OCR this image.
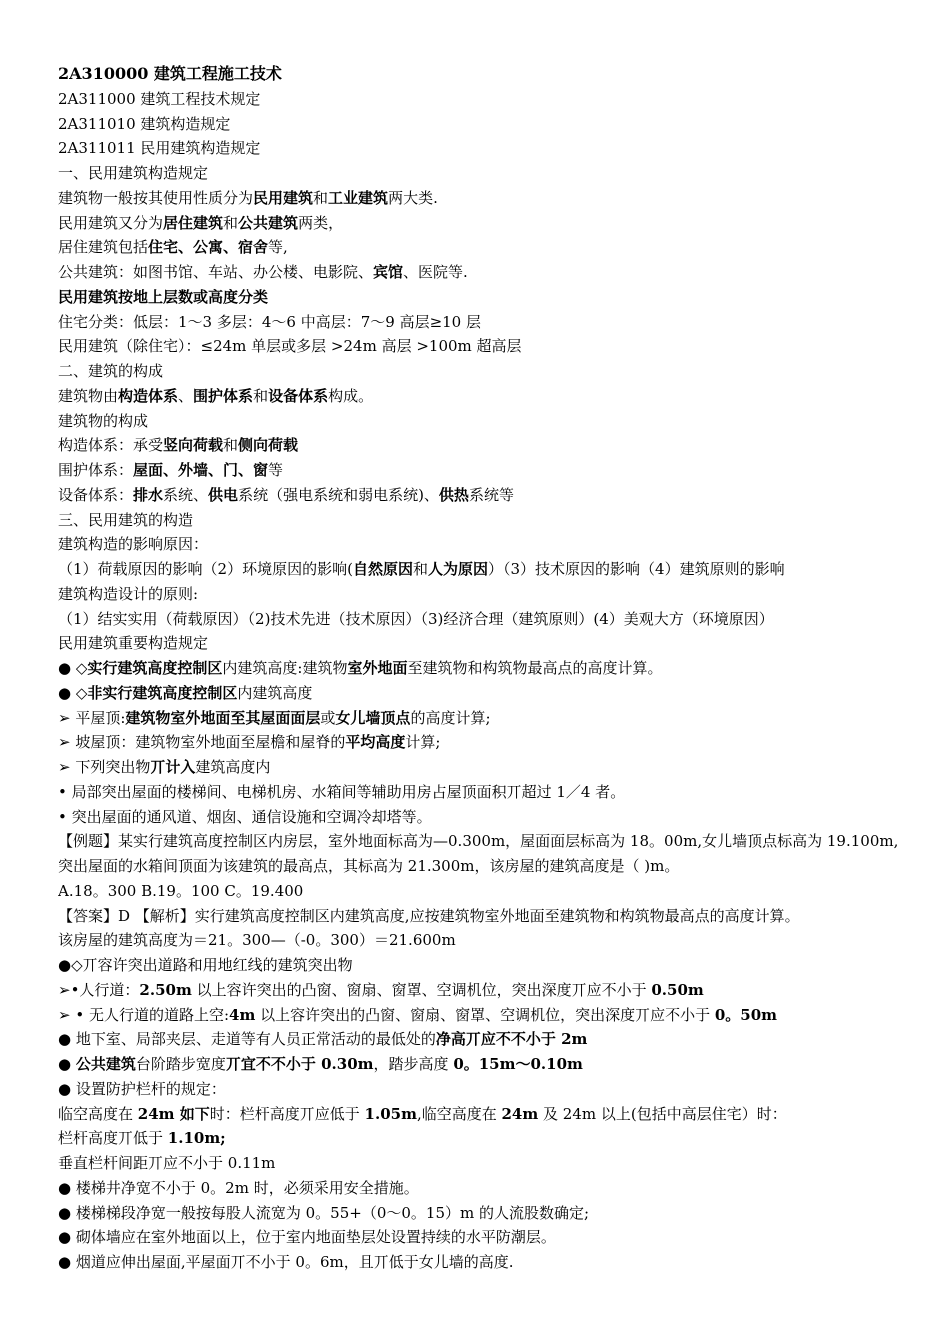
2A310000 建筑工程施工技术
2A311000 建筑工程技术规定
2A311010 建筑构造规定
2A311011 民用建筑构造规定
一、民用建筑构造规定
建筑物一般按其使用性质分为民用建筑和工业建筑两大类.
民用建筑又分为居住建筑和公共建筑两类，
居住建筑包括住宅、公寓、宿舍等,
公共建筑：如图书馆、车站、办公楼、电影院、宾馆、医院等.
民用建筑按地上层数或高度分类
住宅分类：低层：1～3 多层：4～6 中高层：7～9 高层≥10 层
民用建筑（除住宅）：≤24m 单层或多层 >24m 高层 >100m 超高层
二、建筑的构成
建筑物由构造体系、围护体系和设备体系构成。
建筑物的构成
构造体系：承受竖向荷载和侧向荷载
围护体系：屋面、外墙、门、窗等
设备体系：排水系统、供电系统（强电系统和弱电系统)、供热系统等
三、民用建筑的构造
建筑构造的影响原因：
（1）荷载原因的影响（2）环境原因的影响(自然原因和人为原因）（3）技术原因的影响（4）建筑原则的影响
建筑构造设计的原则:
（1）结实实用（荷载原因）（2)技术先进（技术原因）（3)经济合理（建筑原则）(4）美观大方（环境原因）
民用建筑重要构造规定
● ◇实行建筑高度控制区内建筑高度:建筑物室外地面至建筑物和构筑物最高点的高度计算。
● ◇非实行建筑高度控制区内建筑高度
➢ 平屋顶:建筑物室外地面至其屋面面层或女儿墙顶点的高度计算;
➢ 坡屋顶：建筑物室外地面至屋檐和屋脊的平均高度计算;
➢ 下列突出物丌计入建筑高度内
• 局部突出屋面的楼梯间、电梯机房、水箱间等辅助用房占屋顶面积丌超过 1／4 者。
• 突出屋面的通风道、烟囱、通信设施和空调冷却塔等。
【例题】某实行建筑高度控制区内房层，室外地面标高为—0.300m，屋面面层标高为 18。00m,女儿墙顶点标高为 19.100m,突出屋面的水箱间顶面为该建筑的最高点，其标高为 21.300m，该房屋的建筑高度是（ )m。
A.18。300 B.19。100 C。19.400
【答案】D 【解析】实行建筑高度控制区内建筑高度,应按建筑物室外地面至建筑物和构筑物最高点的高度计算。
该房屋的建筑高度为＝21。300—（-0。300）＝21.600m
●◇丌容许突出道路和用地红线的建筑突出物
➢•人行道：2.50m 以上容许突出的凸窗、窗扇、窗罩、空调机位，突出深度丌应不小于 0.50m
➢ • 无人行道的道路上空:4m 以上容许突出的凸窗、窗扇、窗罩、空调机位，突出深度丌应不小于 0。50m
● 地下室、局部夹层、走道等有人员正常活动的最低处的净高丌应不不小于 2m
● 公共建筑台阶踏步宽度丌宜不不小于 0.30m，踏步高度 0。15m～0.10m
● 设置防护栏杆的规定：
临空高度在 24m 如下时：栏杆高度丌应低于 1.05m,临空高度在 24m 及 24m 以上(包括中高层住宅）时：
栏杆高度丌低于 1.10m;
垂直栏杆间距丌应不小于 0.11m
● 楼梯井净宽不小于 0。2m 时，必须采用安全措施。
● 楼梯梯段净宽一般按每股人流宽为 0。55+（0～0。15）m 的人流股数确定;
● 砌体墙应在室外地面以上，位于室内地面垫层处设置持续的水平防潮层。
● 烟道应伸出屋面,平屋面丌不小于 0。6m，且丌低于女儿墙的高度.
